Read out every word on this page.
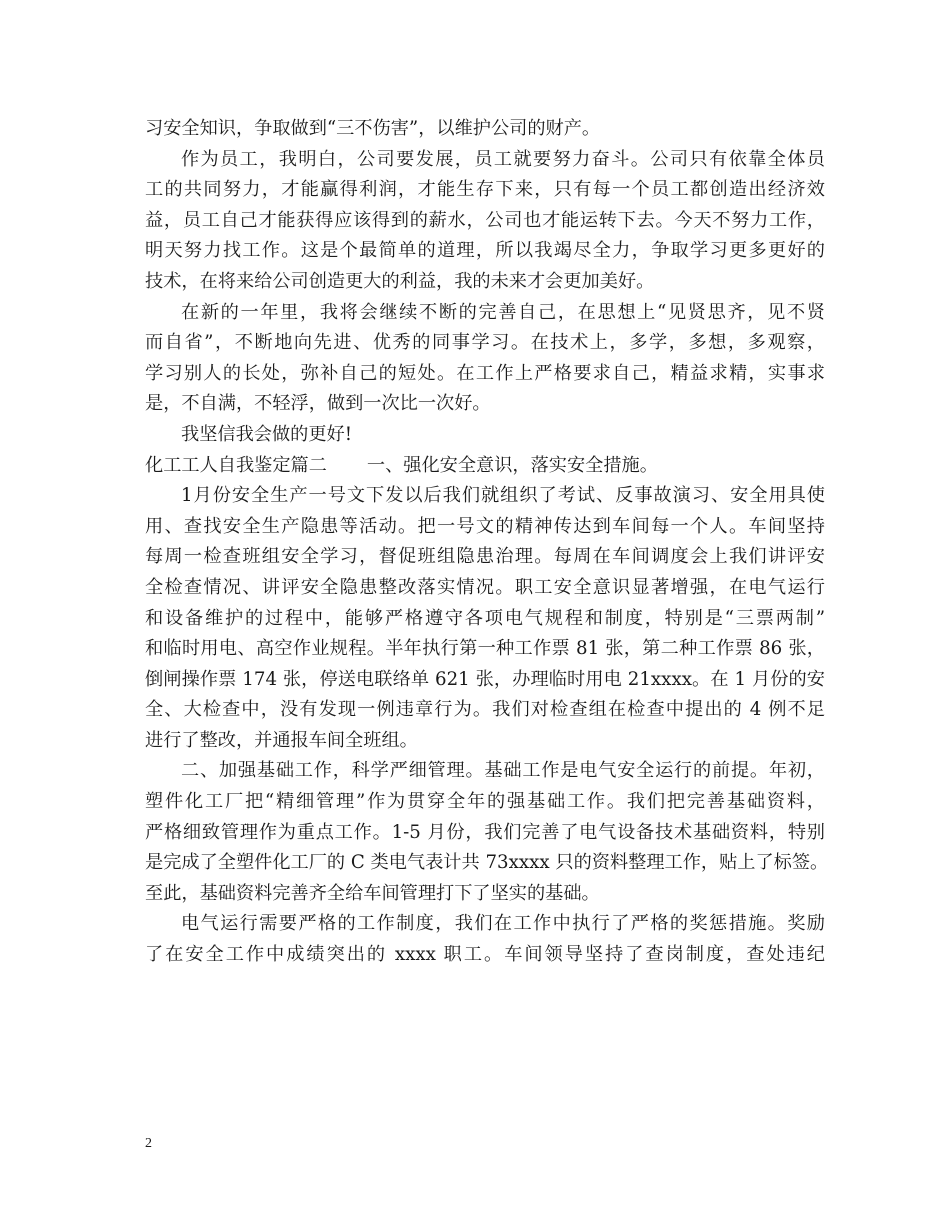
习安全知识，争取做到“三不伤害”，以维护公司的财产。
作为员工，我明白，公司要发展，员工就要努力奋斗。公司只有依靠全体员
工的共同努力，才能赢得利润，才能生存下来，只有每一个员工都创造出经济效
益，员工自己才能获得应该得到的薪水，公司也才能运转下去。今天不努力工作，
明天努力找工作。这是个最简单的道理，所以我竭尽全力，争取学习更多更好的
技术，在将来给公司创造更大的利益，我的未来才会更加美好。
在新的一年里，我将会继续不断的完善自己，在思想上“见贤思齐，见不贤
而自省”，不断地向先进、优秀的同事学习。在技术上，多学，多想，多观察，
学习别人的长处，弥补自己的短处。在工作上严格要求自己，精益求精，实事求
是，不自满，不轻浮，做到一次比一次好。
我坚信我会做的更好!
化工工人自我鉴定篇二 一、强化安全意识，落实安全措施。
1月份安全生产一号文下发以后我们就组织了考试、反事故演习、安全用具使
用、查找安全生产隐患等活动。把一号文的精神传达到车间每一个人。车间坚持
每周一检查班组安全学习，督促班组隐患治理。每周在车间调度会上我们讲评安
全检查情况、讲评安全隐患整改落实情况。职工安全意识显著增强，在电气运行
和设备维护的过程中，能够严格遵守各项电气规程和制度，特别是“三票两制”
和临时用电、高空作业规程。半年执行第一种工作票 81 张，第二种工作票 86 张，
倒闸操作票 174 张，停送电联络单 621 张，办理临时用电 21xxxx。在 1 月份的安
全、大检查中，没有发现一例违章行为。我们对检查组在检查中提出的 4 例不足
进行了整改，并通报车间全班组。
二、加强基础工作，科学严细管理。基础工作是电气安全运行的前提。年初，
塑件化工厂把“精细管理”作为贯穿全年的强基础工作。我们把完善基础资料，
严格细致管理作为重点工作。1-5 月份，我们完善了电气设备技术基础资料，特别
是完成了全塑件化工厂的 C 类电气表计共 73xxxx 只的资料整理工作，贴上了标签。
至此，基础资料完善齐全给车间管理打下了坚实的基础。
电气运行需要严格的工作制度，我们在工作中执行了严格的奖惩措施。奖励
了在安全工作中成绩突出的 xxxx 职工。车间领导坚持了查岗制度，查处违纪
2
